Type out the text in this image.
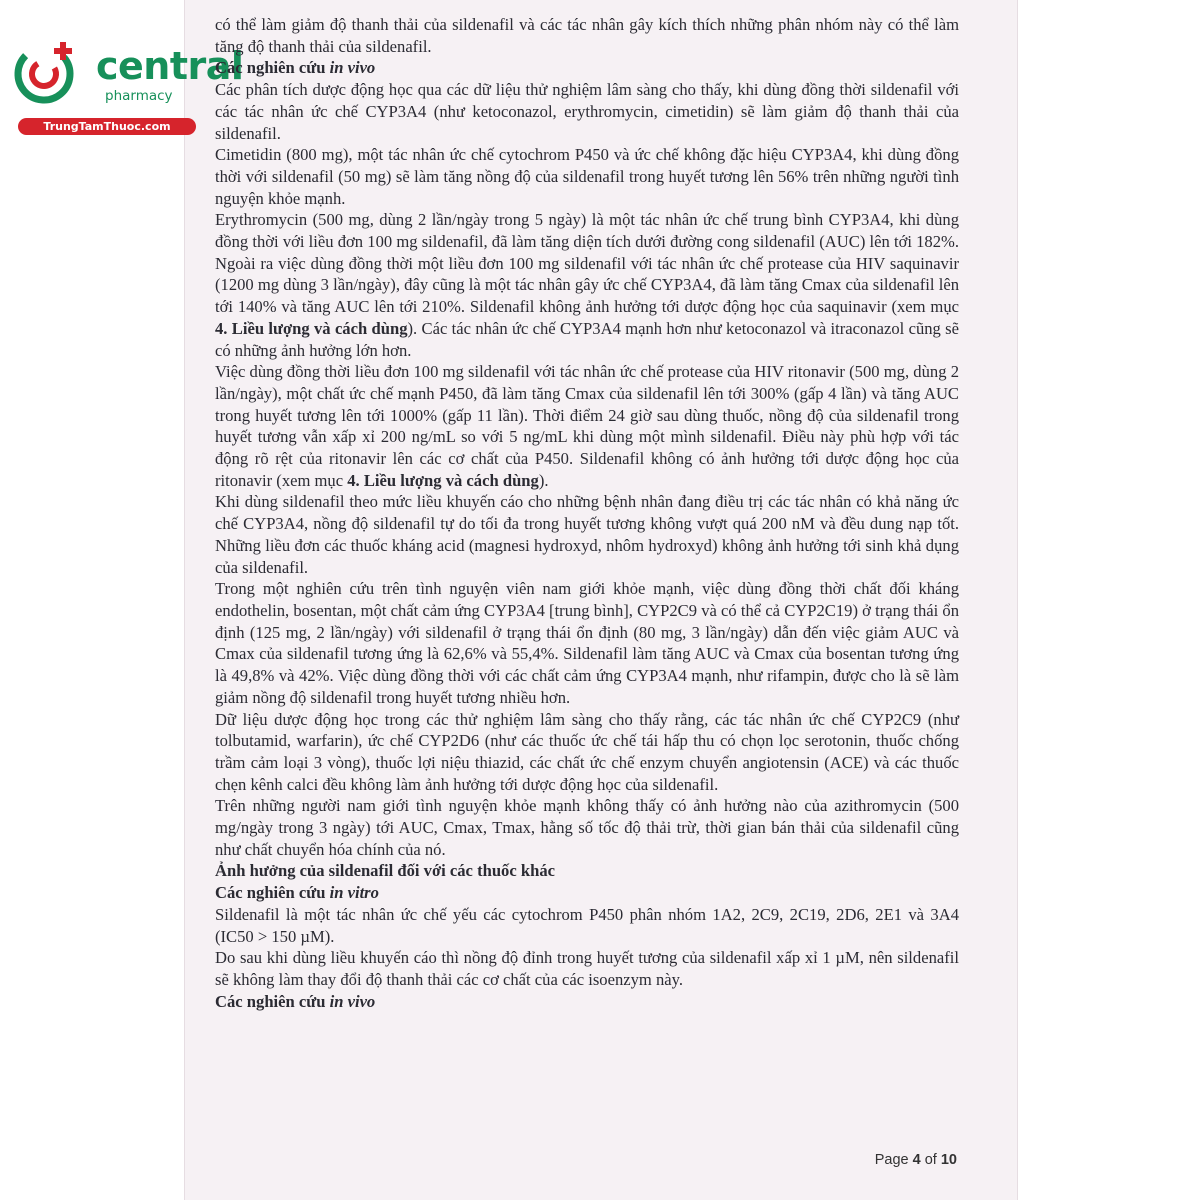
central
pharmacy
TrungTamThuoc.com

có thể làm giảm độ thanh thải của sildenafil và các tác nhân gây kích thích những phân nhóm này có thể làm tăng độ thanh thải của sildenafil.

Các nghiên cứu in vivo

Các phân tích dược động học qua các dữ liệu thử nghiệm lâm sàng cho thấy, khi dùng đồng thời sildenafil với các tác nhân ức chế CYP3A4 (như ketoconazol, erythromycin, cimetidin) sẽ làm giảm độ thanh thải của sildenafil.

Cimetidin (800 mg), một tác nhân ức chế cytochrom P450 và ức chế không đặc hiệu CYP3A4, khi dùng đồng thời với sildenafil (50 mg) sẽ làm tăng nồng độ của sildenafil trong huyết tương lên 56% trên những người tình nguyện khỏe mạnh.

Erythromycin (500 mg, dùng 2 lần/ngày trong 5 ngày) là một tác nhân ức chế trung bình CYP3A4, khi dùng đồng thời với liều đơn 100 mg sildenafil, đã làm tăng diện tích dưới đường cong sildenafil (AUC) lên tới 182%. Ngoài ra việc dùng đồng thời một liều đơn 100 mg sildenafil với tác nhân ức chế protease của HIV saquinavir (1200 mg dùng 3 lần/ngày), đây cũng là một tác nhân gây ức chế CYP3A4, đã làm tăng Cmax của sildenafil lên tới 140% và tăng AUC lên tới 210%. Sildenafil không ảnh hưởng tới dược động học của saquinavir (xem mục 4. Liều lượng và cách dùng). Các tác nhân ức chế CYP3A4 mạnh hơn như ketoconazol và itraconazol cũng sẽ có những ảnh hưởng lớn hơn.

Việc dùng đồng thời liều đơn 100 mg sildenafil với tác nhân ức chế protease của HIV ritonavir (500 mg, dùng 2 lần/ngày), một chất ức chế mạnh P450, đã làm tăng Cmax của sildenafil lên tới 300% (gấp 4 lần) và tăng AUC trong huyết tương lên tới 1000% (gấp 11 lần). Thời điểm 24 giờ sau dùng thuốc, nồng độ của sildenafil trong huyết tương vẫn xấp xỉ 200 ng/mL so với 5 ng/mL khi dùng một mình sildenafil. Điều này phù hợp với tác động rõ rệt của ritonavir lên các cơ chất của P450. Sildenafil không có ảnh hưởng tới dược động học của ritonavir (xem mục 4. Liều lượng và cách dùng).

Khi dùng sildenafil theo mức liều khuyến cáo cho những bệnh nhân đang điều trị các tác nhân có khả năng ức chế CYP3A4, nồng độ sildenafil tự do tối đa trong huyết tương không vượt quá 200 nM và đều dung nạp tốt. Những liều đơn các thuốc kháng acid (magnesi hydroxyd, nhôm hydroxyd) không ảnh hưởng tới sinh khả dụng của sildenafil.

Trong một nghiên cứu trên tình nguyện viên nam giới khỏe mạnh, việc dùng đồng thời chất đối kháng endothelin, bosentan, một chất cảm ứng CYP3A4 [trung bình], CYP2C9 và có thể cả CYP2C19) ở trạng thái ổn định (125 mg, 2 lần/ngày) với sildenafil ở trạng thái ổn định (80 mg, 3 lần/ngày) dẫn đến việc giảm AUC và Cmax của sildenafil tương ứng là 62,6% và 55,4%. Sildenafil làm tăng AUC và Cmax của bosentan tương ứng là 49,8% và 42%. Việc dùng đồng thời với các chất cảm ứng CYP3A4 mạnh, như rifampin, được cho là sẽ làm giảm nồng độ sildenafil trong huyết tương nhiều hơn.

Dữ liệu dược động học trong các thử nghiệm lâm sàng cho thấy rằng, các tác nhân ức chế CYP2C9 (như tolbutamid, warfarin), ức chế CYP2D6 (như các thuốc ức chế tái hấp thu có chọn lọc serotonin, thuốc chống trầm cảm loại 3 vòng), thuốc lợi niệu thiazid, các chất ức chế enzym chuyển angiotensin (ACE) và các thuốc chẹn kênh calci đều không làm ảnh hưởng tới dược động học của sildenafil.

Trên những người nam giới tình nguyện khỏe mạnh không thấy có ảnh hưởng nào của azithromycin (500 mg/ngày trong 3 ngày) tới AUC, Cmax, Tmax, hằng số tốc độ thải trừ, thời gian bán thải của sildenafil cũng như chất chuyển hóa chính của nó.

Ảnh hưởng của sildenafil đối với các thuốc khác
Các nghiên cứu in vitro

Sildenafil là một tác nhân ức chế yếu các cytochrom P450 phân nhóm 1A2, 2C9, 2C19, 2D6, 2E1 và 3A4 (IC50 > 150 µM).

Do sau khi dùng liều khuyến cáo thì nồng độ đỉnh trong huyết tương của sildenafil xấp xỉ 1 µM, nên sildenafil sẽ không làm thay đổi độ thanh thải các cơ chất của các isoenzym này.

Các nghiên cứu in vivo
Page 4 of 10
